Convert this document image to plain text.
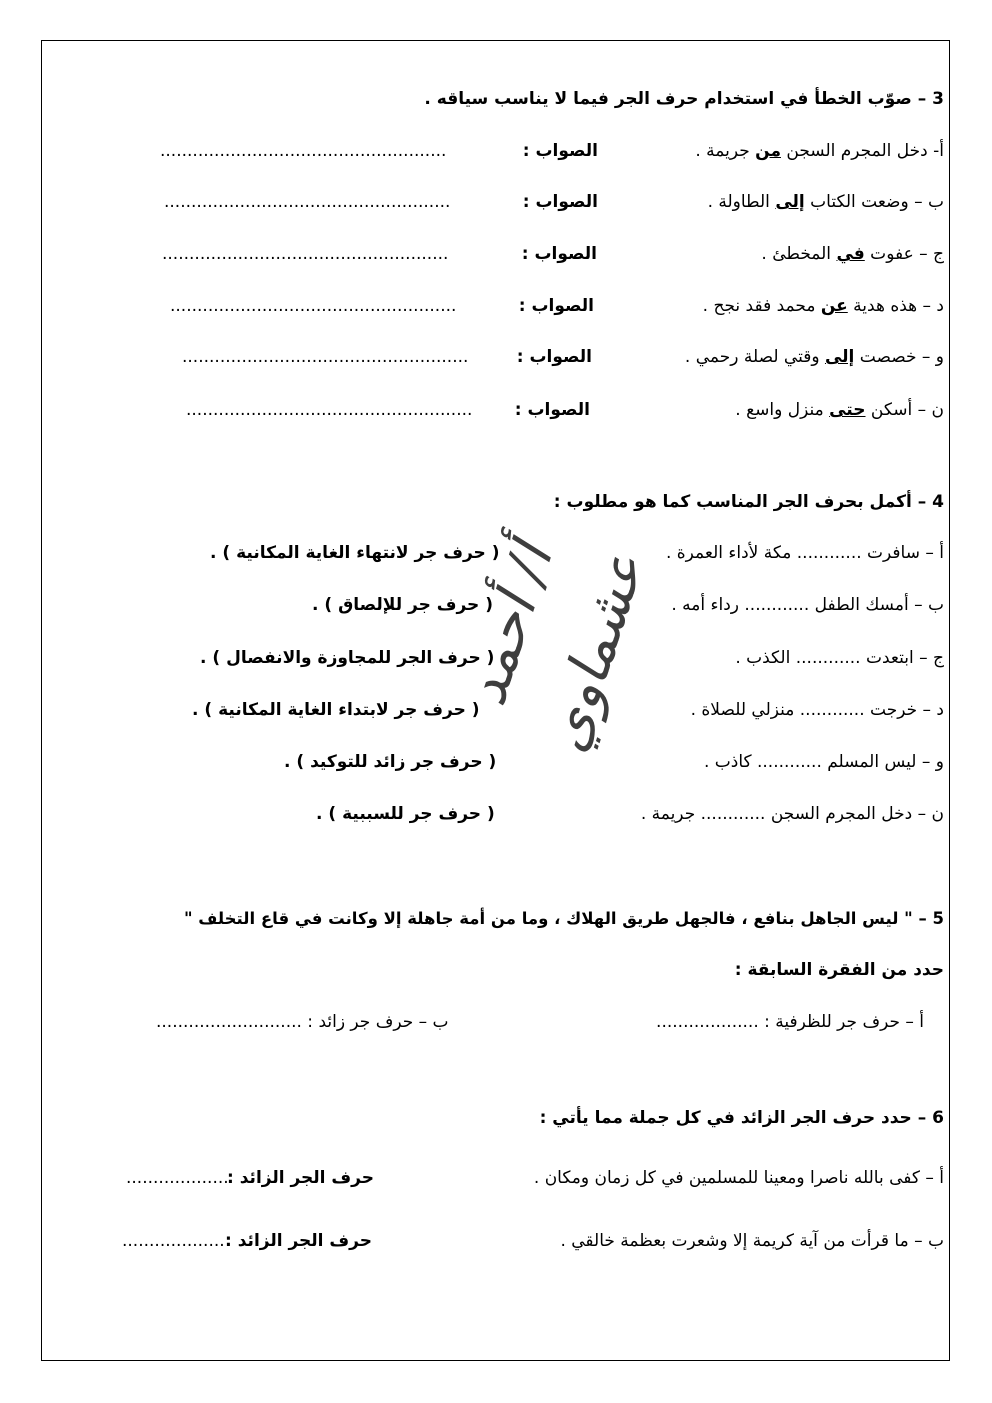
3 – صوّب الخطأ في استخدام حرف الجر فيما لا يناسب سياقه .
أ- دخل المجرم السجن من جريمة .
الصواب :
.....................................................
ب – وضعت الكتاب إلى الطاولة .
الصواب :
.....................................................
ج – عفوت في المخطئ .
الصواب :
.....................................................
د – هذه هدية عن محمد فقد نجح .
الصواب :
.....................................................
و – خصصت إلى وقتي لصلة رحمي .
الصواب :
.....................................................
ن – أسكن حتى منزل واسع .
الصواب :
.....................................................
4 – أكمل بحرف الجر المناسب كما هو مطلوب :
أ – سافرت ............ مكة لأداء العمرة .
( حرف جر لانتهاء الغاية المكانية ) .
ب – أمسك الطفل ............ رداء أمه .
( حرف جر للإلصاق ) .
ج – ابتعدت ............ الكذب .
( حرف الجر للمجاوزة والانفصال ) .
د – خرجت ............ منزلي للصلاة .
( حرف جر لابتداء الغاية المكانية ) .
و – ليس المسلم ............ كاذب .
( حرف جر زائد للتوكيد ) .
ن – دخل المجرم السجن ............ جريمة .
( حرف جر للسببية ) .
5 – " ليس الجاهل بنافع ، فالجهل طريق الهلاك ، وما من أمة جاهلة إلا وكانت في قاع التخلف "
حدد من الفقرة السابقة :
أ – حرف جر للظرفية : ...................
ب – حرف جر زائد : ...........................
6 – حدد حرف الجر الزائد في كل جملة مما يأتي :
أ – كفى بالله ناصرا ومعينا للمسلمين في كل زمان ومكان .
حرف الجر الزائد :
...................
ب – ما قرأت من آية كريمة إلا وشعرت بعظمة خالقي .
حرف الجر الزائد :
...................
أ/ أحمد عشماوي
